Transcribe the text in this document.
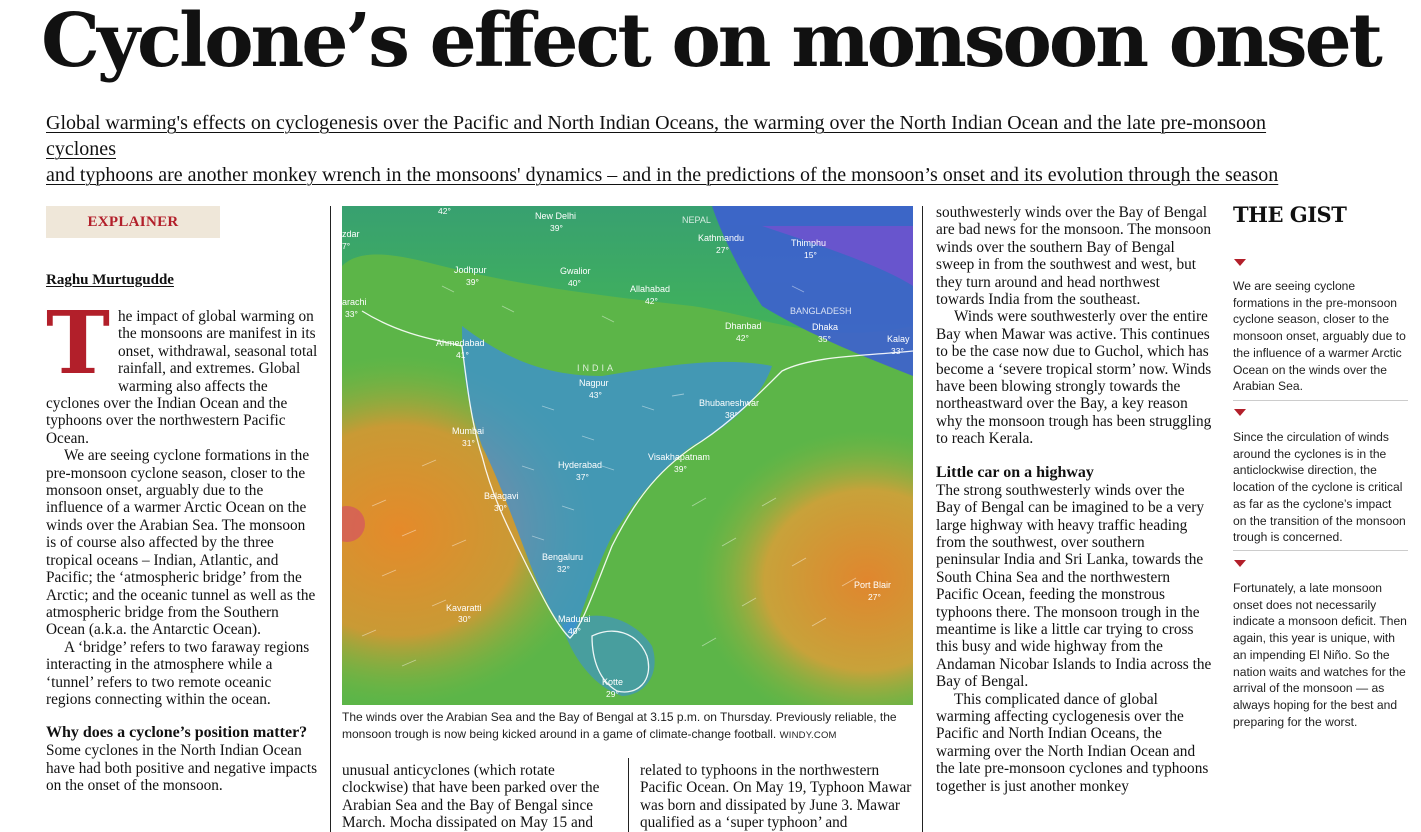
Cyclone’s effect on monsoon onset
Global warming's effects on cyclogenesis over the Pacific and North Indian Oceans, the warming over the North Indian Ocean and the late pre-monsoon cyclones
and typhoons are another monkey wrench in the monsoons' dynamics – and in the predictions of the monsoon’s onset and its evolution through the season
EXPLAINER
Raghu Murtugudde

The impact of global warming on the monsoons are manifest in its onset, withdrawal, seasonal total rainfall, and extremes. Global warming also affects the cyclones over the Indian Ocean and the typhoons over the northwestern Pacific Ocean.

We are seeing cyclone formations in the pre-monsoon cyclone season, closer to the monsoon onset, arguably due to the influence of a warmer Arctic Ocean on the winds over the Arabian Sea. The monsoon is of course also affected by the three tropical oceans – Indian, Atlantic, and Pacific; the ‘atmospheric bridge’ from the Arctic; and the oceanic tunnel as well as the atmospheric bridge from the Southern Ocean (a.k.a. the Antarctic Ocean).

A ‘bridge’ refers to two faraway regions interacting in the atmosphere while a ‘tunnel’ refers to two remote oceanic regions connecting within the ocean.

Why does a cyclone’s position matter?

Some cyclones in the North Indian Ocean have had both positive and negative impacts on the onset of the monsoon.

NEPAL
BANGLADESH
INDIA
New Delhi
39°
Jodhpur
39°
Gwalior
40°
Allahabad
42°
Kathmandu
27°
Thimphu
15°
Dhanbad
42°
Dhaka
35°
Ahmedabad
41°
Nagpur
43°
Bhubaneshwar
38°
Mumbai
31°
Hyderabad
37°
Visakhapatnam
39°
Belagavi
30°
Bengaluru
32°
Kavaratti
30°	Madurai
40°
Kotte
29°
Port Blair
27°
Kalay
33°
arachi
33°
zdar
7°
42°
The winds over the Arabian Sea and the Bay of Bengal at 3.15 p.m. on Thursday. Previously reliable, the monsoon trough is now being kicked around in a game of climate-change football. WINDY.COM

unusual anticyclones (which rotate clockwise) that have been parked over the Arabian Sea and the Bay of Bengal since March. Mocha dissipated on May 15 and

related to typhoons in the northwestern Pacific Ocean. On May 19, Typhoon Mawar was born and dissipated by June 3. Mawar qualified as a ‘super typhoon’ and

southwesterly winds over the Bay of Bengal are bad news for the monsoon. The monsoon winds over the southern Bay of Bengal sweep in from the southwest and west, but they turn around and head northwest towards India from the southeast.

Winds were southwesterly over the entire Bay when Mawar was active. This continues to be the case now due to Guchol, which has become a ‘severe tropical storm’ now. Winds have been blowing strongly towards the northeastward over the Bay, a key reason why the monsoon trough has been struggling to reach Kerala.

Little car on a highway

The strong southwesterly winds over the Bay of Bengal can be imagined to be a very large highway with heavy traffic heading from the southwest, over southern peninsular India and Sri Lanka, towards the South China Sea and the northwestern Pacific Ocean, feeding the monstrous typhoons there. The monsoon trough in the meantime is like a little car trying to cross this busy and wide highway from the Andaman Nicobar Islands to India across the Bay of Bengal.

This complicated dance of global warming affecting cyclogenesis over the Pacific and North Indian Oceans, the warming over the North Indian Ocean and the late pre-monsoon cyclones and typhoons together is just another monkey

THE GIST
We are seeing cyclone formations in the pre-monsoon cyclone season, closer to the monsoon onset, arguably due to the influence of a warmer Arctic Ocean on the winds over the Arabian Sea.
Since the circulation of winds around the cyclones is in the anticlockwise direction, the location of the cyclone is critical as far as the cyclone’s impact on the transition of the monsoon trough is concerned.
Fortunately, a late monsoon onset does not necessarily indicate a monsoon deficit. Then again, this year is unique, with an impending El Niño. So the nation waits and watches for the arrival of the monsoon — as always hoping for the best and preparing for the worst.
